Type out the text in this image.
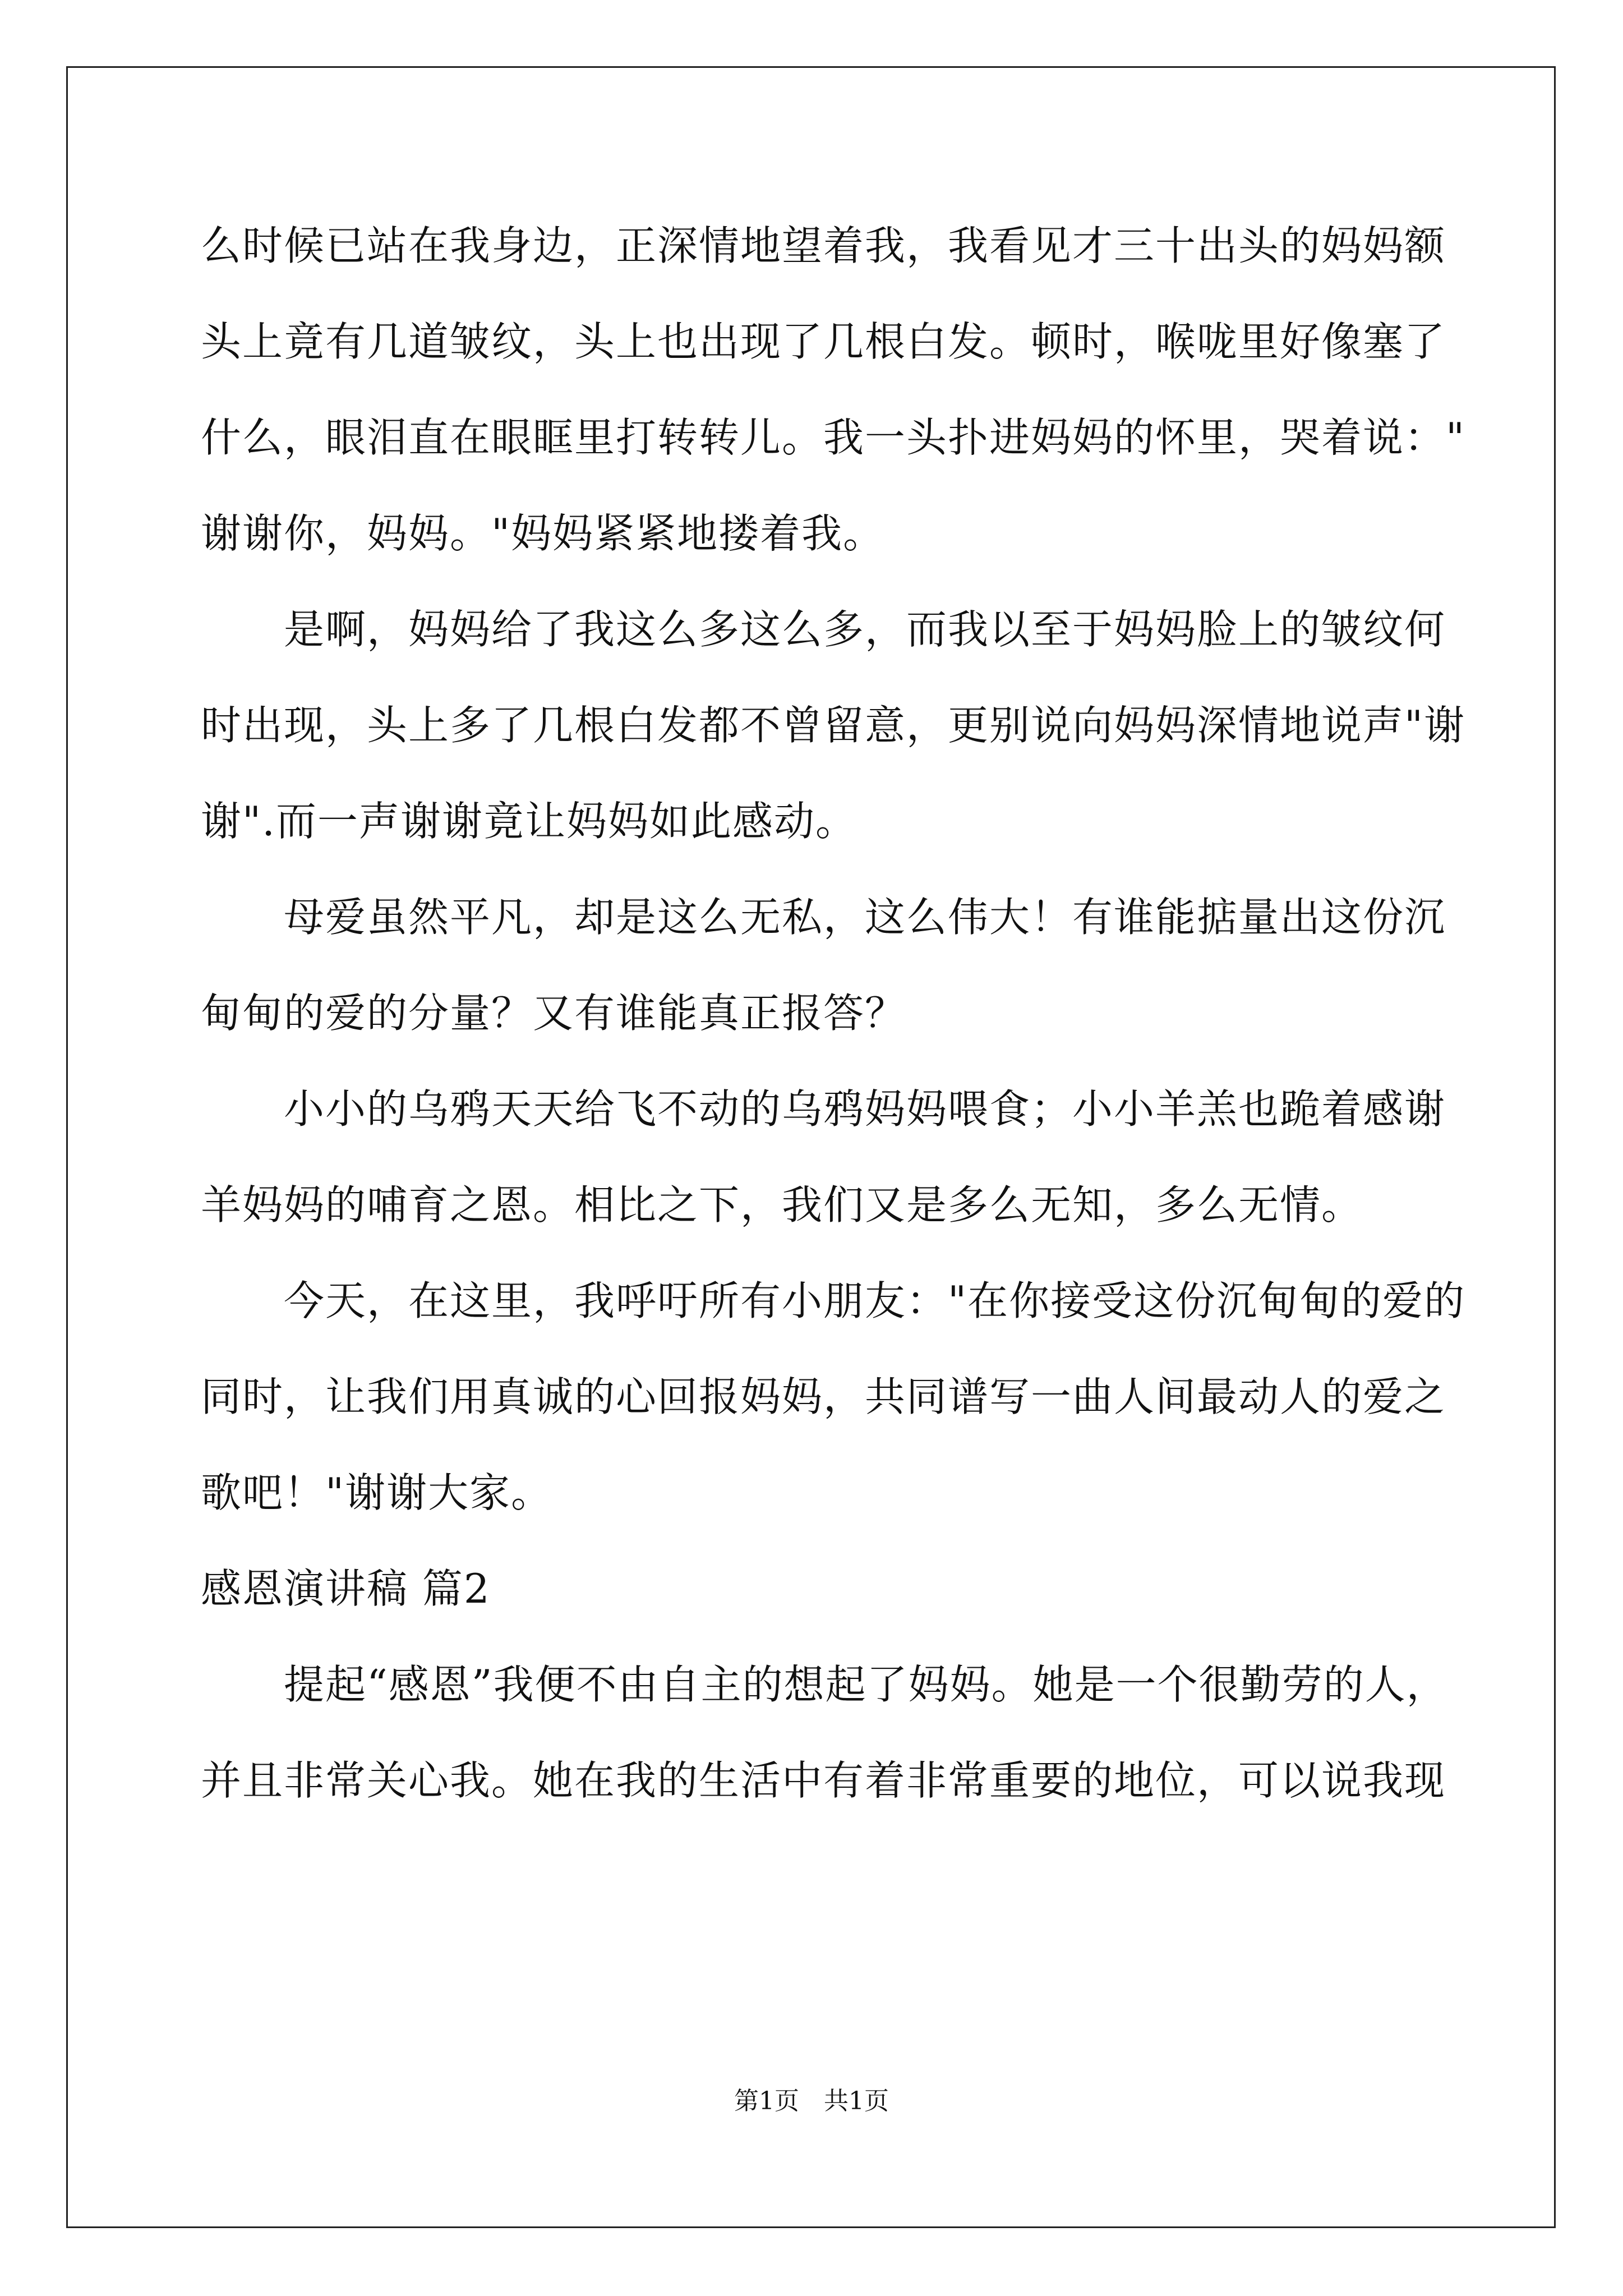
么时候已站在我身边，正深情地望着我，我看见才三十出头的妈妈额
头上竟有几道皱纹，头上也出现了几根白发。顿时，喉咙里好像塞了
什么，眼泪直在眼眶里打转转儿。我一头扑进妈妈的怀里，哭着说："
谢谢你，妈妈。"妈妈紧紧地搂着我。
　　是啊，妈妈给了我这么多这么多，而我以至于妈妈脸上的皱纹何
时出现，头上多了几根白发都不曾留意，更别说向妈妈深情地说声"谢
谢".而一声谢谢竟让妈妈如此感动。
　　母爱虽然平凡，却是这么无私，这么伟大！有谁能掂量出这份沉
甸甸的爱的分量？又有谁能真正报答？
　　小小的乌鸦天天给飞不动的乌鸦妈妈喂食；小小羊羔也跪着感谢
羊妈妈的哺育之恩。相比之下，我们又是多么无知，多么无情。
　　今天，在这里，我呼吁所有小朋友："在你接受这份沉甸甸的爱的
同时，让我们用真诚的心回报妈妈，共同谱写一曲人间最动人的爱之
歌吧！"谢谢大家。
感恩演讲稿 篇2
　　提起“感恩”我便不由自主的想起了妈妈。她是一个很勤劳的人，
并且非常关心我。她在我的生活中有着非常重要的地位，可以说我现
第1页　共1页
